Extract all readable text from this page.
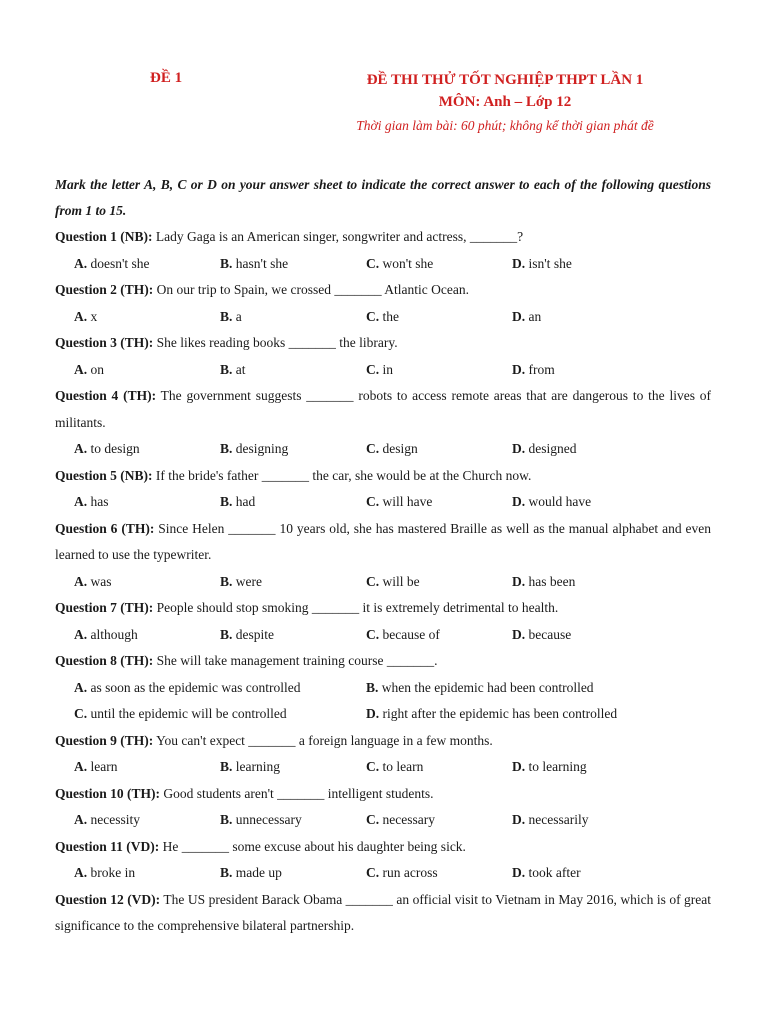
ĐỀ 1	ĐỀ THI THỬ TỐT NGHIỆP THPT LẦN 1
MÔN: Anh – Lớp 12
Thời gian làm bài: 60 phút; không kể thời gian phát đề
Mark the letter A, B, C or D on your answer sheet to indicate the correct answer to each of the following questions from 1 to 15.
Question 1 (NB): Lady Gaga is an American singer, songwriter and actress, _______?
A. doesn't she	B. hasn't she	C. won't she	D. isn't she
Question 2 (TH): On our trip to Spain, we crossed _______ Atlantic Ocean.
A. x	B. a	C. the	D. an
Question 3 (TH): She likes reading books _______ the library.
A. on	B. at	C. in	D. from
Question 4 (TH): The government suggests _______ robots to access remote areas that are dangerous to the lives of militants.
A. to design	B. designing	C. design	D. designed
Question 5 (NB): If the bride's father _______ the car, she would be at the Church now.
A. has	B. had	C. will have	D. would have
Question 6 (TH): Since Helen _______ 10 years old, she has mastered Braille as well as the manual alphabet and even learned to use the typewriter.
A. was	B. were	C. will be	D. has been
Question 7 (TH): People should stop smoking _______ it is extremely detrimental to health.
A. although	B. despite	C. because of	D. because
Question 8 (TH): She will take management training course _______.
A. as soon as the epidemic was controlled	B. when the epidemic had been controlled
C. until the epidemic will be controlled	D. right after the epidemic has been controlled
Question 9 (TH): You can't expect _______ a foreign language in a few months.
A. learn	B. learning	C. to learn	D. to learning
Question 10 (TH): Good students aren't _______ intelligent students.
A. necessity	B. unnecessary	C. necessary	D. necessarily
Question 11 (VD): He _______ some excuse about his daughter being sick.
A. broke in	B. made up	C. run across	D. took after
Question 12 (VD): The US president Barack Obama _______ an official visit to Vietnam in May 2016, which is of great significance to the comprehensive bilateral partnership.
